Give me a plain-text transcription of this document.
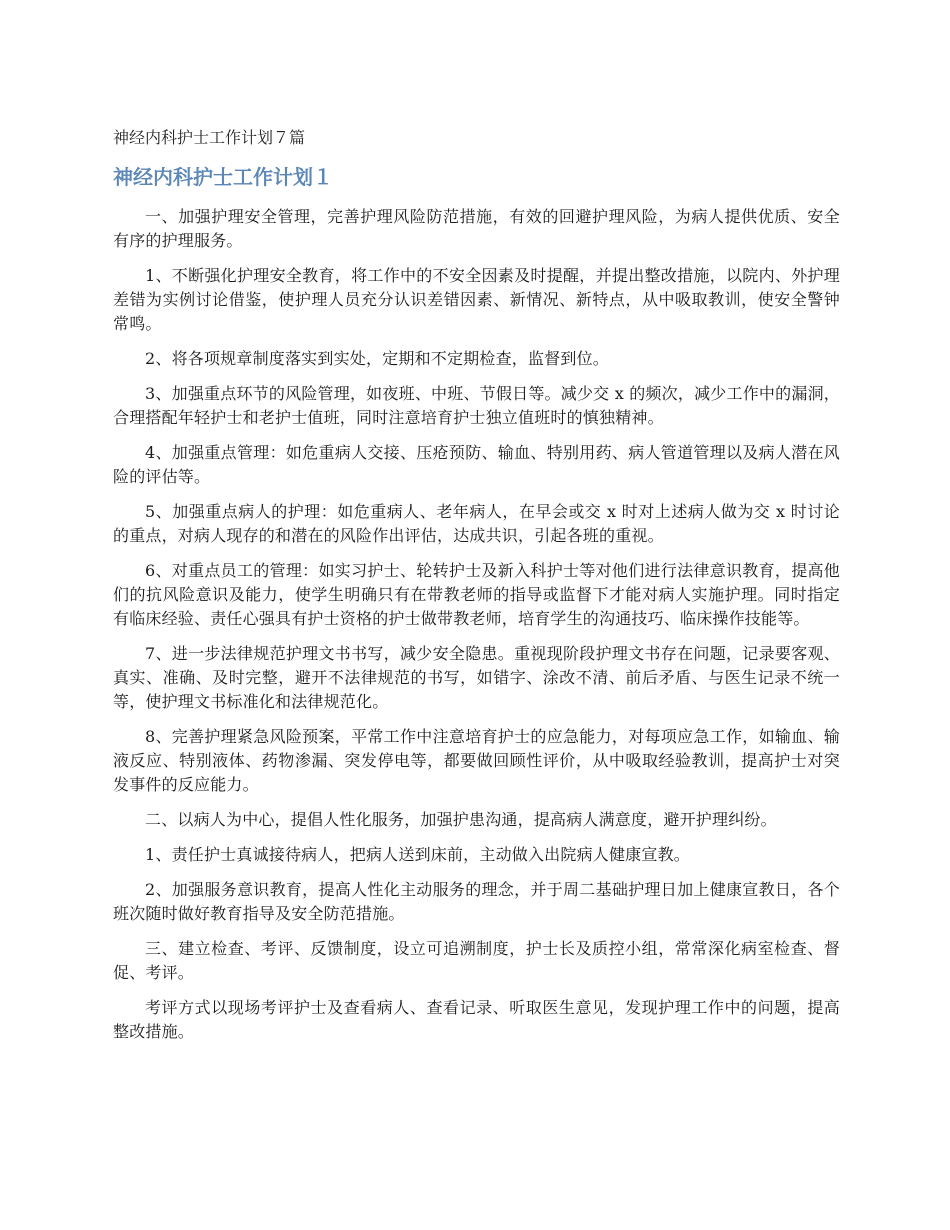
神经内科护士工作计划７篇

神经内科护士工作计划１

一、加强护理安全管理，完善护理风险防范措施，有效的回避护理风险，为病人提供优质、安全有序的护理服务。

1、不断强化护理安全教育，将工作中的不安全因素及时提醒，并提出整改措施，以院内、外护理差错为实例讨论借鉴，使护理人员充分认识差错因素、新情况、新特点，从中吸取教训，使安全警钟常鸣。

2、将各项规章制度落实到实处，定期和不定期检查，监督到位。

3、加强重点环节的风险管理，如夜班、中班、节假日等。减少交 x 的频次，减少工作中的漏洞，合理搭配年轻护士和老护士值班，同时注意培育护士独立值班时的慎独精神。

4、加强重点管理：如危重病人交接、压疮预防、输血、特别用药、病人管道管理以及病人潜在风险的评估等。

5、加强重点病人的护理：如危重病人、老年病人，在早会或交 x 时对上述病人做为交 x 时讨论的重点，对病人现存的和潜在的风险作出评估，达成共识，引起各班的重视。

6、对重点员工的管理：如实习护士、轮转护士及新入科护士等对他们进行法律意识教育，提高他们的抗风险意识及能力，使学生明确只有在带教老师的指导或监督下才能对病人实施护理。同时指定有临床经验、责任心强具有护士资格的护士做带教老师，培育学生的沟通技巧、临床操作技能等。

7、进一步法律规范护理文书书写，减少安全隐患。重视现阶段护理文书存在问题，记录要客观、真实、准确、及时完整，避开不法律规范的书写，如错字、涂改不清、前后矛盾、与医生记录不统一等，使护理文书标准化和法律规范化。

8、完善护理紧急风险预案，平常工作中注意培育护士的应急能力，对每项应急工作，如输血、输液反应、特别液体、药物渗漏、突发停电等，都要做回顾性评价，从中吸取经验教训，提高护士对突发事件的反应能力。

二、以病人为中心，提倡人性化服务，加强护患沟通，提高病人满意度，避开护理纠纷。

1、责任护士真诚接待病人，把病人送到床前，主动做入出院病人健康宣教。

2、加强服务意识教育，提高人性化主动服务的理念，并于周二基础护理日加上健康宣教日，各个班次随时做好教育指导及安全防范措施。

三、建立检查、考评、反馈制度，设立可追溯制度，护士长及质控小组，常常深化病室检查、督促、考评。

考评方式以现场考评护士及查看病人、查看记录、听取医生意见，发现护理工作中的问题，提高整改措施。
